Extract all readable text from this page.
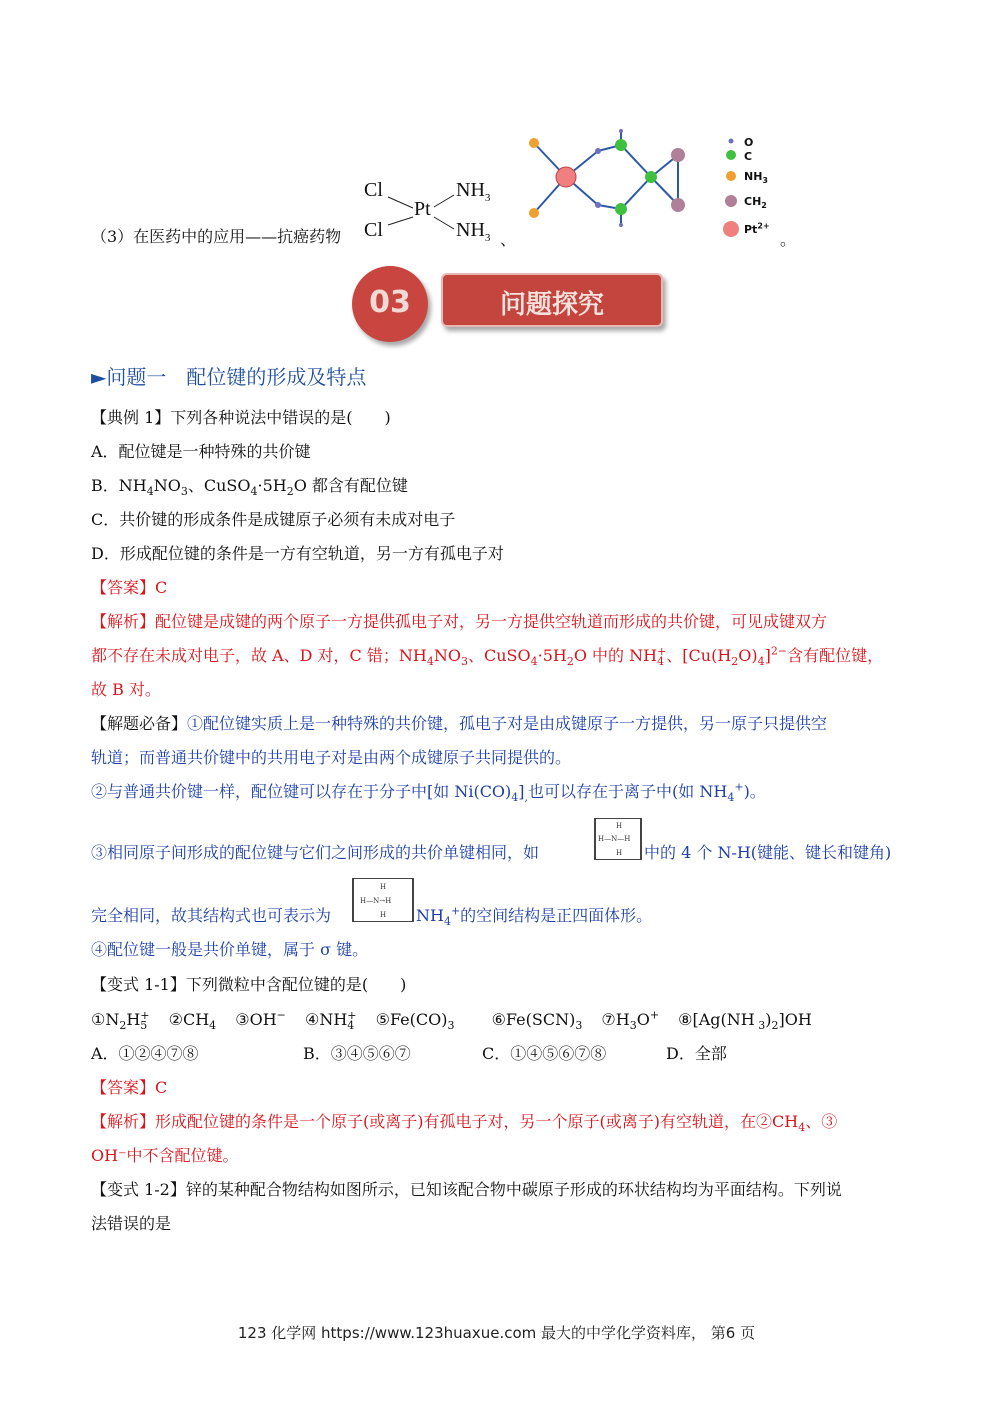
（3）在医药中的应用——抗癌药物
Cl
Cl
Pt
$NH_3$
$NH_3$ 、
O
C
$NH_3$
$CH_2$
$Pt^{2+}$
。
03	问题探究
►问题一　配位键的形成及特点
【典例 1】下列各种说法中错误的是(　　)
A．配位键是一种特殊的共价键
B．$NH_4NO_3$、$CuSO_4\cdot 5H_2O$ 都含有配位键
C．共价键的形成条件是成键原子必须有未成对电子
D．形成配位键的条件是一方有空轨道，另一方有孤电子对
【答案】C
【解析】配位键是成键的两个原子一方提供孤电子对，另一方提供空轨道而形成的共价键，可见成键双方
都不存在未成对电子，故 A、D 对，C 错；$NH_4NO_3$、$CuSO_4\cdot 5H_2O$ 中的 NH +
4 、$[Cu(H_2O)_4]^{2-}$含有配位键，
故 B 对。
【解题必备】①配位键实质上是一种特殊的共价键，孤电子对是由成键原子一方提供，另一原子只提供空
轨道；而普通共价键中的共用电子对是由两个成键原子共同提供的。
②与普通共价键一样，配位键可以存在于分子中[如 $Ni(CO)_4]_,$也可以存在于离子中(如 $NH_4^+$)。
③相同原子间形成的配位键与它们之间形成的共价单键相同，如
H
H—N—H
H 中的 4 个 N-H(键能、键长和键角)
完全相同，故其结构式也可表示为
H
H—N→H
H $NH_4^+$的空间结构是正四面体形。
④配位键一般是共价单键，属于 σ 键。
【变式 1-1】下列微粒中含配位键的是(　　)
$①N_2H$ +
5 $②CH_4$ ③OH− ④NH +
4 $⑤Fe(CO)_3$ $⑥Fe(SCN)_3$ $⑦H_3O^+$ ⑧[Ag(NH $_3)_2]OH$
A．①②④⑦⑧	B．③④⑤⑥⑦	C．①④⑤⑥⑦⑧	D．全部
【答案】C
【解析】形成配位键的条件是一个原子(或离子)有孤电子对，另一个原子(或离子)有空轨道，在$②CH_4$、③
OH⁻中不含配位键。
【变式 1-2】锌的某种配合物结构如图所示，已知该配合物中碳原子形成的环状结构均为平面结构。下列说
法错误的是
123 化学网 https://www.123huaxue.com 最大的中学化学资料库， 第6 页
